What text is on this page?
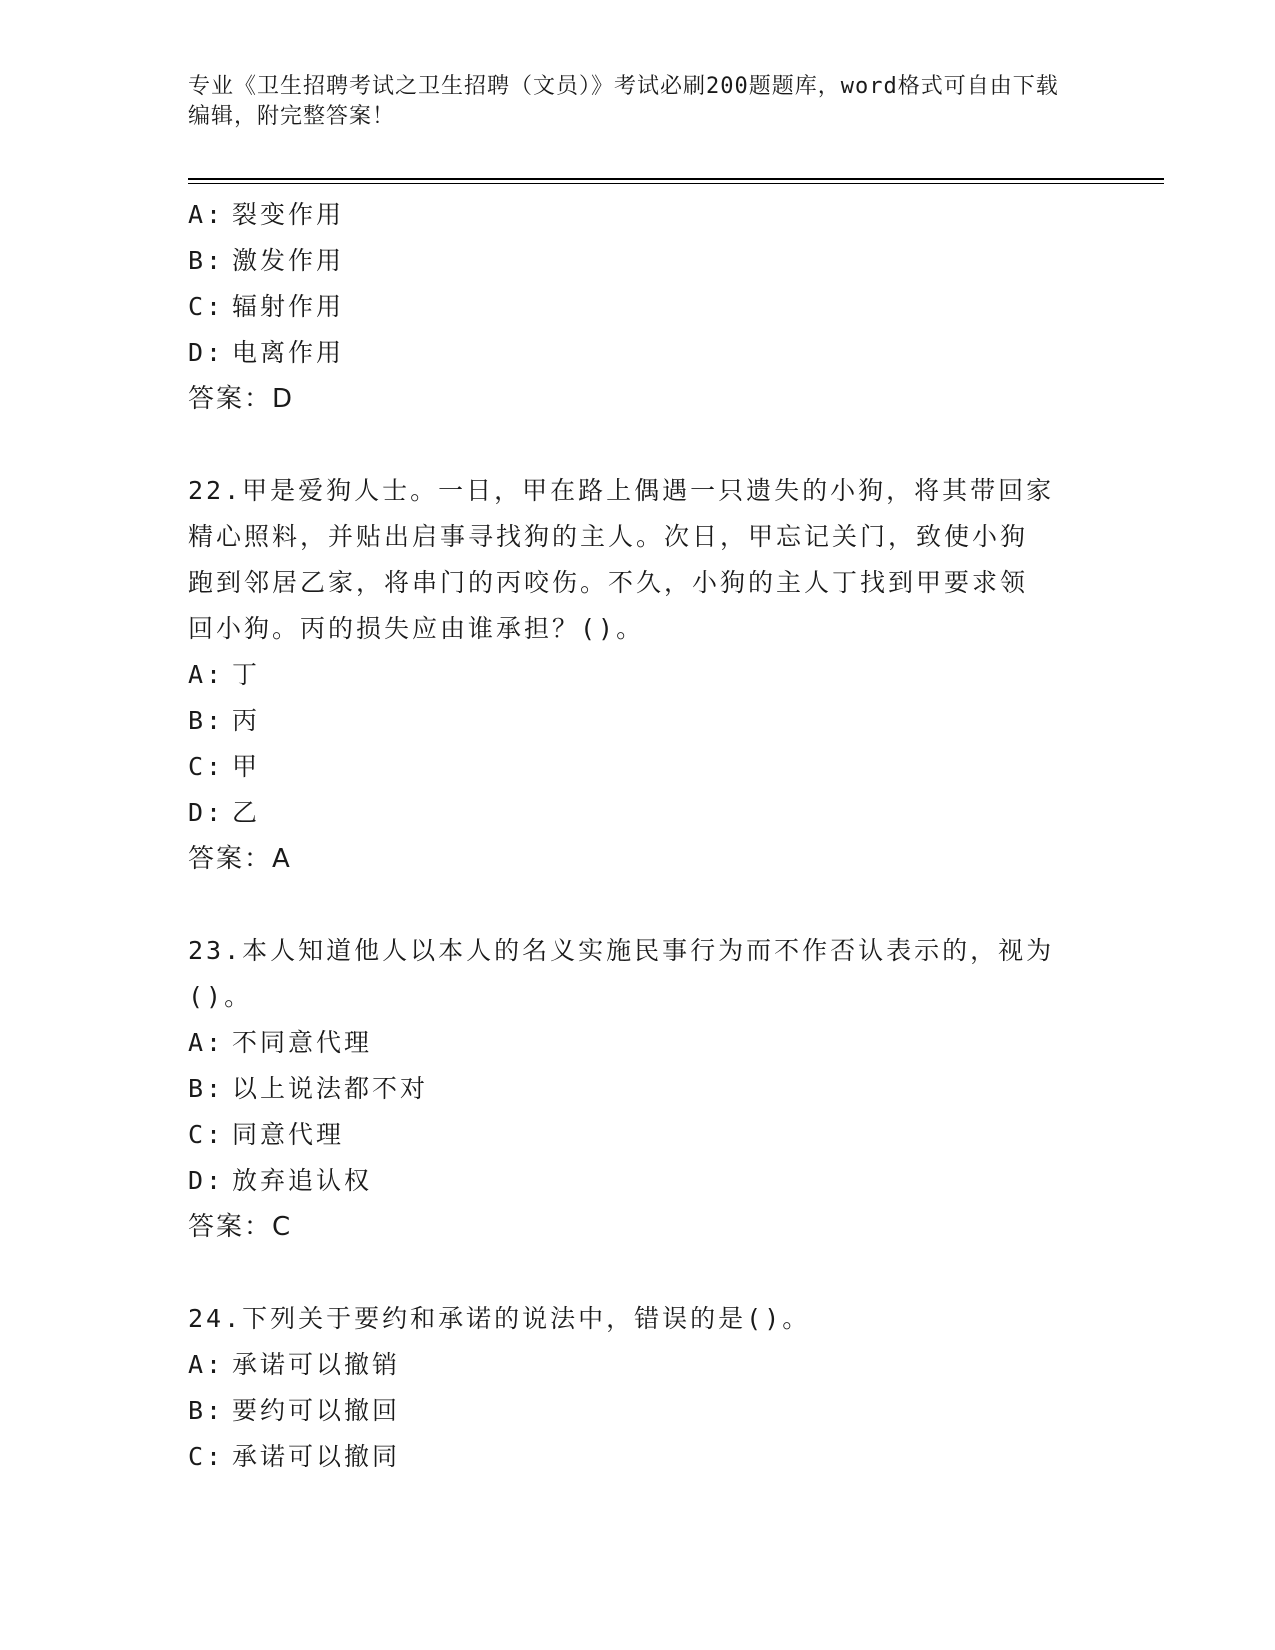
专业《卫生招聘考试之卫生招聘（文员）》考试必刷200题题库，word格式可自由下载编辑，附完整答案！
A: 裂变作用
B: 激发作用
C: 辐射作用
D: 电离作用
答案：D
22.甲是爱狗人士。一日，甲在路上偶遇一只遗失的小狗，将其带回家
精心照料，并贴出启事寻找狗的主人。次日，甲忘记关门，致使小狗
跑到邻居乙家，将串门的丙咬伤。不久，小狗的主人丁找到甲要求领
回小狗。丙的损失应由谁承担？()。
A: 丁
B: 丙
C: 甲
D: 乙
答案：A
23.本人知道他人以本人的名义实施民事行为而不作否认表示的，视为
()。
A: 不同意代理
B: 以上说法都不对
C: 同意代理
D: 放弃追认权
答案：C
24.下列关于要约和承诺的说法中，错误的是()。
A: 承诺可以撤销
B: 要约可以撤回
C: 承诺可以撤同
